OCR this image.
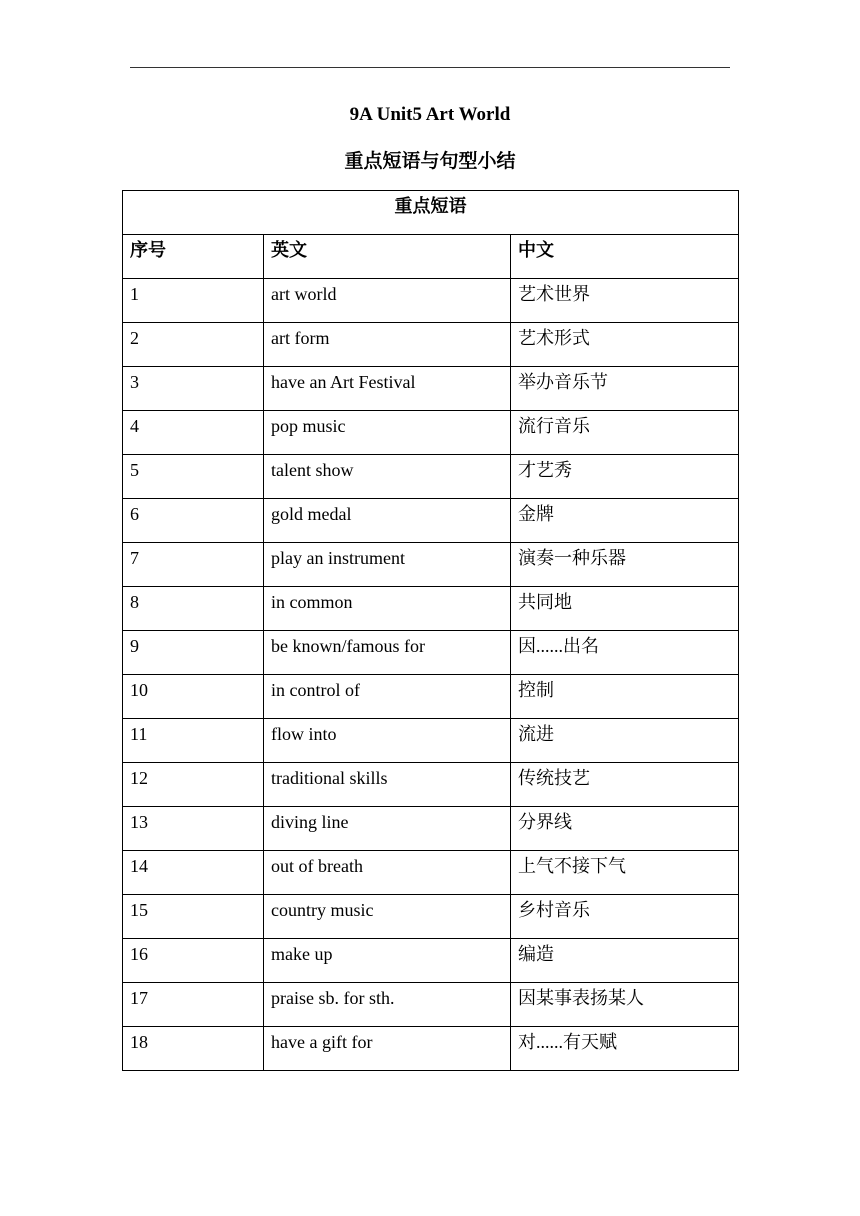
9A Unit5 Art World
重点短语与句型小结
重点短语		
序号	英文	中文
1	art world	艺术世界
2	art form	艺术形式
3	have an Art Festival	举办音乐节
4	pop music	流行音乐
5	talent show	才艺秀
6	gold medal	金牌
7	play an instrument	演奏一种乐器
8	in common	共同地
9	be known/famous for	因......出名
10	in control of	控制
11	flow into	流进
12	traditional skills	传统技艺
13	diving line	分界线
14	out of breath	上气不接下气
15	country music	乡村音乐
16	make up	编造
17	praise sb. for sth.	因某事表扬某人
18	have a gift for	对......有天赋
